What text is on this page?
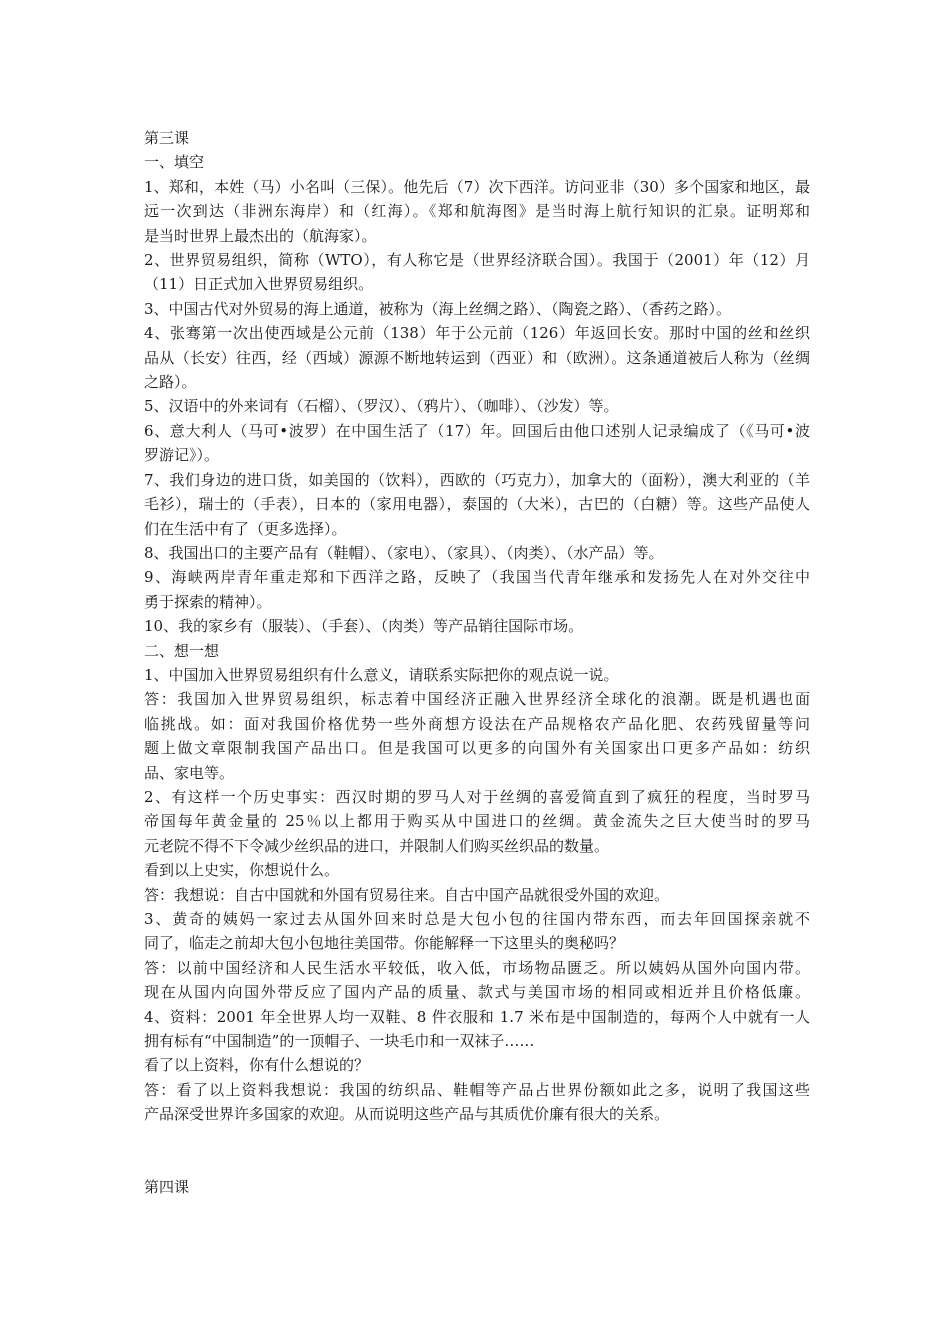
第三课
一、填空
1、郑和，本姓（马）小名叫（三保）。他先后（7）次下西洋。访问亚非（30）多个国家和地区，最
远一次到达（非洲东海岸）和（红海）。《郑和航海图》是当时海上航行知识的汇泉。证明郑和
是当时世界上最杰出的（航海家）。
2、世界贸易组织，简称（WTO），有人称它是（世界经济联合国）。我国于（2001）年（12）月
（11）日正式加入世界贸易组织。
3、中国古代对外贸易的海上通道，被称为（海上丝绸之路）、（陶瓷之路）、（香药之路）。
4、张骞第一次出使西域是公元前（138）年于公元前（126）年返回长安。那时中国的丝和丝织
品从（长安）往西，经（西域）源源不断地转运到（西亚）和（欧洲）。这条通道被后人称为（丝绸
之路）。
5、汉语中的外来词有（石榴）、（罗汉）、（鸦片）、（咖啡）、（沙发）等。
6、意大利人（马可•波罗）在中国生活了（17）年。回国后由他口述别人记录编成了（《马可•波
罗游记》）。
7、我们身边的进口货，如美国的（饮料），西欧的（巧克力），加拿大的（面粉），澳大利亚的（羊
毛衫），瑞士的（手表），日本的（家用电器），泰国的（大米），古巴的（白糖）等。这些产品使人
们在生活中有了（更多选择）。
8、我国出口的主要产品有（鞋帽）、（家电）、（家具）、（肉类）、（水产品）等。
9、海峡两岸青年重走郑和下西洋之路，反映了（我国当代青年继承和发扬先人在对外交往中
勇于探索的精神）。
10、我的家乡有（服装）、（手套）、（肉类）等产品销往国际市场。
二、想一想
1、中国加入世界贸易组织有什么意义，请联系实际把你的观点说一说。
答：我国加入世界贸易组织，标志着中国经济正融入世界经济全球化的浪潮。既是机遇也面
临挑战。如：面对我国价格优势一些外商想方设法在产品规格农产品化肥、农药残留量等问
题上做文章限制我国产品出口。但是我国可以更多的向国外有关国家出口更多产品如：纺织
品、家电等。
2、有这样一个历史事实：西汉时期的罗马人对于丝绸的喜爱简直到了疯狂的程度，当时罗马
帝国每年黄金量的 25％以上都用于购买从中国进口的丝绸。黄金流失之巨大使当时的罗马
元老院不得不下令减少丝织品的进口，并限制人们购买丝织品的数量。
看到以上史实，你想说什么。
答：我想说：自古中国就和外国有贸易往来。自古中国产品就很受外国的欢迎。
3、黄奇的姨妈一家过去从国外回来时总是大包小包的往国内带东西，而去年回国探亲就不
同了，临走之前却大包小包地往美国带。你能解释一下这里头的奥秘吗？
答：以前中国经济和人民生活水平较低，收入低，市场物品匮乏。所以姨妈从国外向国内带。
现在从国内向国外带反应了国内产品的质量、款式与美国市场的相同或相近并且价格低廉。
4、资料：2001 年全世界人均一双鞋、8 件衣服和 1.7 米布是中国制造的，每两个人中就有一人
拥有标有“中国制造”的一顶帽子、一块毛巾和一双袜子……
看了以上资料，你有什么想说的？
答：看了以上资料我想说：我国的纺织品、鞋帽等产品占世界份额如此之多，说明了我国这些
产品深受世界许多国家的欢迎。从而说明这些产品与其质优价廉有很大的关系。
第四课
